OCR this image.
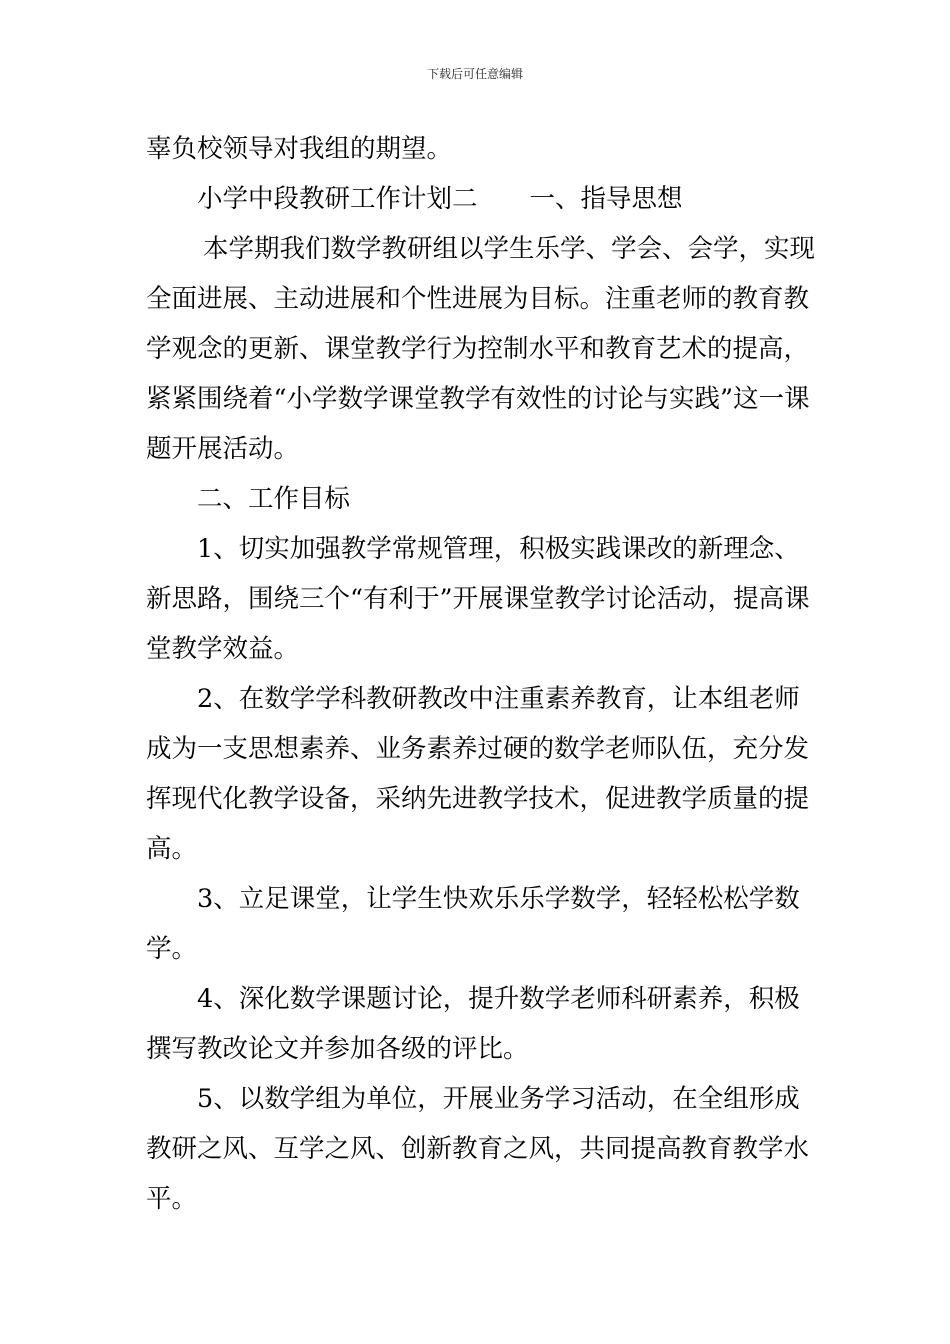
下载后可任意编辑

辜负校领导对我组的期望。

小学中段教研工作计划二 一、指导思想

本学期我们数学教研组以学生乐学、学会、会学，实现全面进展、主动进展和个性进展为目标。注重老师的教育教学观念的更新、课堂教学行为控制水平和教育艺术的提高，紧紧围绕着“小学数学课堂教学有效性的讨论与实践”这一课题开展活动。

二、工作目标

1、切实加强教学常规管理，积极实践课改的新理念、新思路，围绕三个“有利于”开展课堂教学讨论活动，提高课堂教学效益。

2、在数学学科教研教改中注重素养教育，让本组老师成为一支思想素养、业务素养过硬的数学老师队伍，充分发挥现代化教学设备，采纳先进教学技术，促进教学质量的提高。

3、立足课堂，让学生快欢乐乐学数学，轻轻松松学数学。

4、深化数学课题讨论，提升数学老师科研素养，积极撰写教改论文并参加各级的评比。

5、以数学组为单位，开展业务学习活动，在全组形成教研之风、互学之风、创新教育之风，共同提高教育教学水平。
